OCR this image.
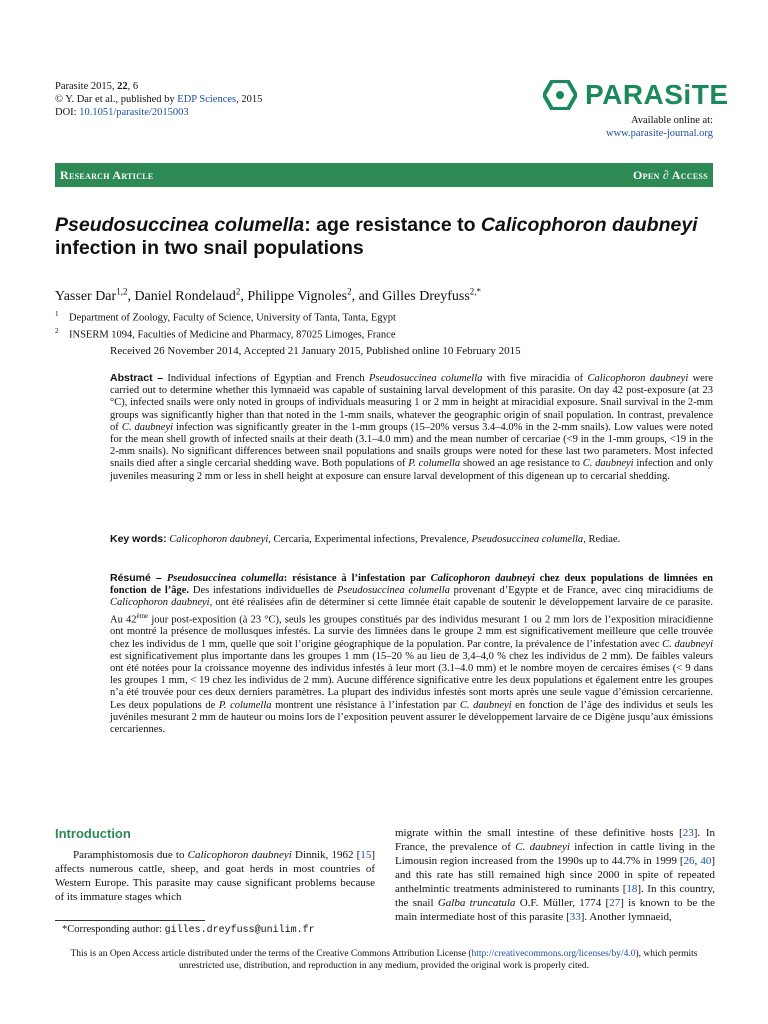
Parasite 2015, 22, 6
© Y. Dar et al., published by EDP Sciences, 2015
DOI: 10.1051/parasite/2015003
PARASiTE
Available online at:
www.parasite-journal.org
Research Article	Open ∂ Access
Pseudosuccinea columella: age resistance to Calicophoron daubneyi infection in two snail populations
Yasser Dar$^{1,2}$, Daniel Rondelaud$^2$, Philippe Vignoles$^2$, and Gilles Dreyfuss$^{2,*}$
$^1$ Department of Zoology, Faculty of Science, University of Tanta, Tanta, Egypt
$^2$ INSERM 1094, Faculties of Medicine and Pharmacy, 87025 Limoges, France
Received 26 November 2014, Accepted 21 January 2015, Published online 10 February 2015
Abstract – Individual infections of Egyptian and French Pseudosuccinea columella with five miracidia of Calicophoron daubneyi were carried out to determine whether this lymnaeid was capable of sustaining larval development of this parasite. On day 42 post-exposure (at 23 °C), infected snails were only noted in groups of individuals measuring 1 or 2 mm in height at miracidial exposure. Snail survival in the 2-mm groups was significantly higher than that noted in the 1-mm snails, whatever the geographic origin of snail population. In contrast, prevalence of C. daubneyi infection was significantly greater in the 1-mm groups (15–20% versus 3.4–4.0% in the 2-mm snails). Low values were noted for the mean shell growth of infected snails at their death (3.1–4.0 mm) and the mean number of cercariae (<9 in the 1-mm groups, <19 in the 2-mm snails). No significant differences between snail populations and snails groups were noted for these last two parameters. Most infected snails died after a single cercarial shedding wave. Both populations of P. columella showed an age resistance to C. daubneyi infection and only juveniles measuring 2 mm or less in shell height at exposure can ensure larval development of this digenean up to cercarial shedding.
Key words: Calicophoron daubneyi, Cercaria, Experimental infections, Prevalence, Pseudosuccinea columella, Rediae.
Résumé – Pseudosuccinea columella: résistance à l’infestation par Calicophoron daubneyi chez deux populations de limnées en fonction de l’âge. Des infestations individuelles de Pseudosuccinea columella provenant d’Egypte et de France, avec cinq miracidiums de Calicophoron daubneyi, ont été réalisées afin de déterminer si cette limnée était capable de soutenir le développement larvaire de ce parasite. Au 42ème jour post-exposition (à 23 °C), seuls les groupes constitués par des individus mesurant 1 ou 2 mm lors de l’exposition miracidienne ont montré la présence de mollusques infestés. La survie des limnées dans le groupe 2 mm est significativement meilleure que celle trouvée chez les individus de 1 mm, quelle que soit l’origine géographique de la population. Par contre, la prévalence de l’infestation avec C. daubneyi est significativement plus importante dans les groupes 1 mm (15–20 % au lieu de 3,4–4,0 % chez les individus de 2 mm). De faibles valeurs ont été notées pour la croissance moyenne des individus infestés à leur mort (3.1–4.0 mm) et le nombre moyen de cercaires émises (< 9 dans les groupes 1 mm, < 19 chez les individus de 2 mm). Aucune différence significative entre les deux populations et également entre les groupes n’a été trouvée pour ces deux derniers paramètres. La plupart des individus infestés sont morts après une seule vague d’émission cercarienne. Les deux populations de P. columella montrent une résistance à l’infestation par C. daubneyi en fonction de l’âge des individus et seuls les juvéniles mesurant 2 mm de hauteur ou moins lors de l’exposition peuvent assurer le développement larvaire de ce Digène jusqu’aux émissions cercariennes.
Introduction
Paramphistomosis due to Calicophoron daubneyi Dinnik, 1962 [15] affects numerous cattle, sheep, and goat herds in most countries of Western Europe. This parasite may cause significant problems because of its immature stages which
migrate within the small intestine of these definitive hosts [23]. In France, the prevalence of C. daubneyi infection in cattle living in the Limousin region increased from the 1990s up to 44.7% in 1999 [26, 40] and this rate has still remained high since 2000 in spite of repeated anthelmintic treatments administered to ruminants [18]. In this country, the snail Galba truncatula O.F. Müller, 1774 [27] is known to be the main intermediate host of this parasite [33]. Another lymnaeid,
*Corresponding author: gilles.dreyfuss@unilim.fr
This is an Open Access article distributed under the terms of the Creative Commons Attribution License (http://creativecommons.org/licenses/by/4.0), which permits unrestricted use, distribution, and reproduction in any medium, provided the original work is properly cited.
